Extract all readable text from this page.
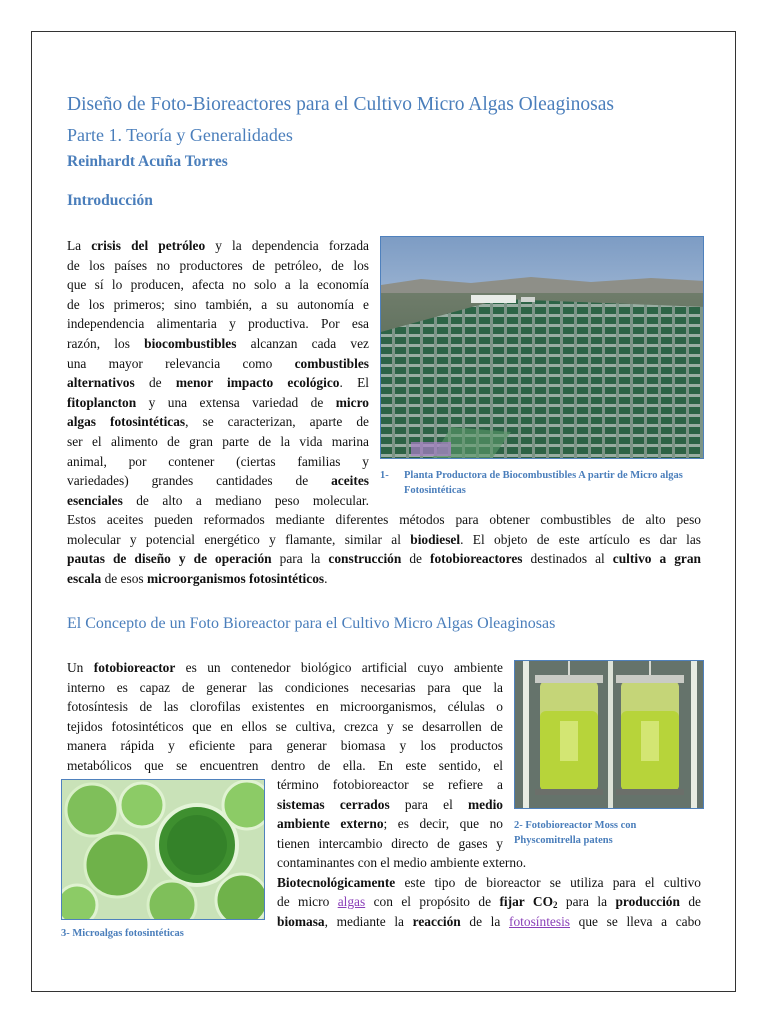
Diseño de Foto-Bioreactores para el Cultivo Micro Algas Oleaginosas
Parte 1. Teoría y Generalidades
Reinhardt Acuña Torres
Introducción
La crisis del petróleo y la dependencia forzada
de los países no productores de petróleo, de los
que sí lo producen, afecta no solo a la economía
de los primeros; sino también, a su autonomía e
independencia alimentaria y productiva. Por esa
razón, los biocombustibles alcanzan cada vez
una mayor relevancia como combustibles
alternativos de menor impacto ecológico. El
fitoplancton y una extensa variedad de micro
algas fotosintéticas, se caracterizan, aparte de
ser el alimento de gran parte de la vida marina
animal, por contener (ciertas familias y
variedades) grandes cantidades de aceites
esenciales de alto a mediano peso molecular.
Estos aceites pueden reformados mediante diferentes métodos para obtener combustibles de alto peso
molecular y potencial energético y flamante, similar al biodiesel. El objeto de este artículo es dar las
pautas de diseño y de operación para la construcción de fotobioreactores destinados al cultivo a gran
escala de esos microorganismos fotosintéticos.
1- Planta Productora de Biocombustibles A partir de Micro algas Fotosintéticas
El Concepto de un Foto Bioreactor para el Cultivo Micro Algas Oleaginosas
Un fotobioreactor es un contenedor biológico artificial cuyo ambiente
interno es capaz de generar las condiciones necesarias para que la
fotosíntesis de las clorofilas existentes en microorganismos, células o
tejidos fotosintéticos que en ellos se cultiva, crezca y se desarrollen de
manera rápida y eficiente para generar biomasa y los productos
metabólicos que se encuentren dentro de ella. En este sentido, el
término fotobioreactor se refiere a
sistemas cerrados para el medio
ambiente externo; es decir, que no
tienen intercambio directo de gases y
contaminantes con el medio ambiente externo.
Biotecnológicamente este tipo de bioreactor se utiliza para el cultivo
de micro algas con el propósito de fijar $CO_2$ para la producción de
biomasa, mediante la reacción de la fotosíntesis que se lleva a cabo
2- Fotobioreactor Moss con
Physcomitrella patens
3- Microalgas fotosintéticas
